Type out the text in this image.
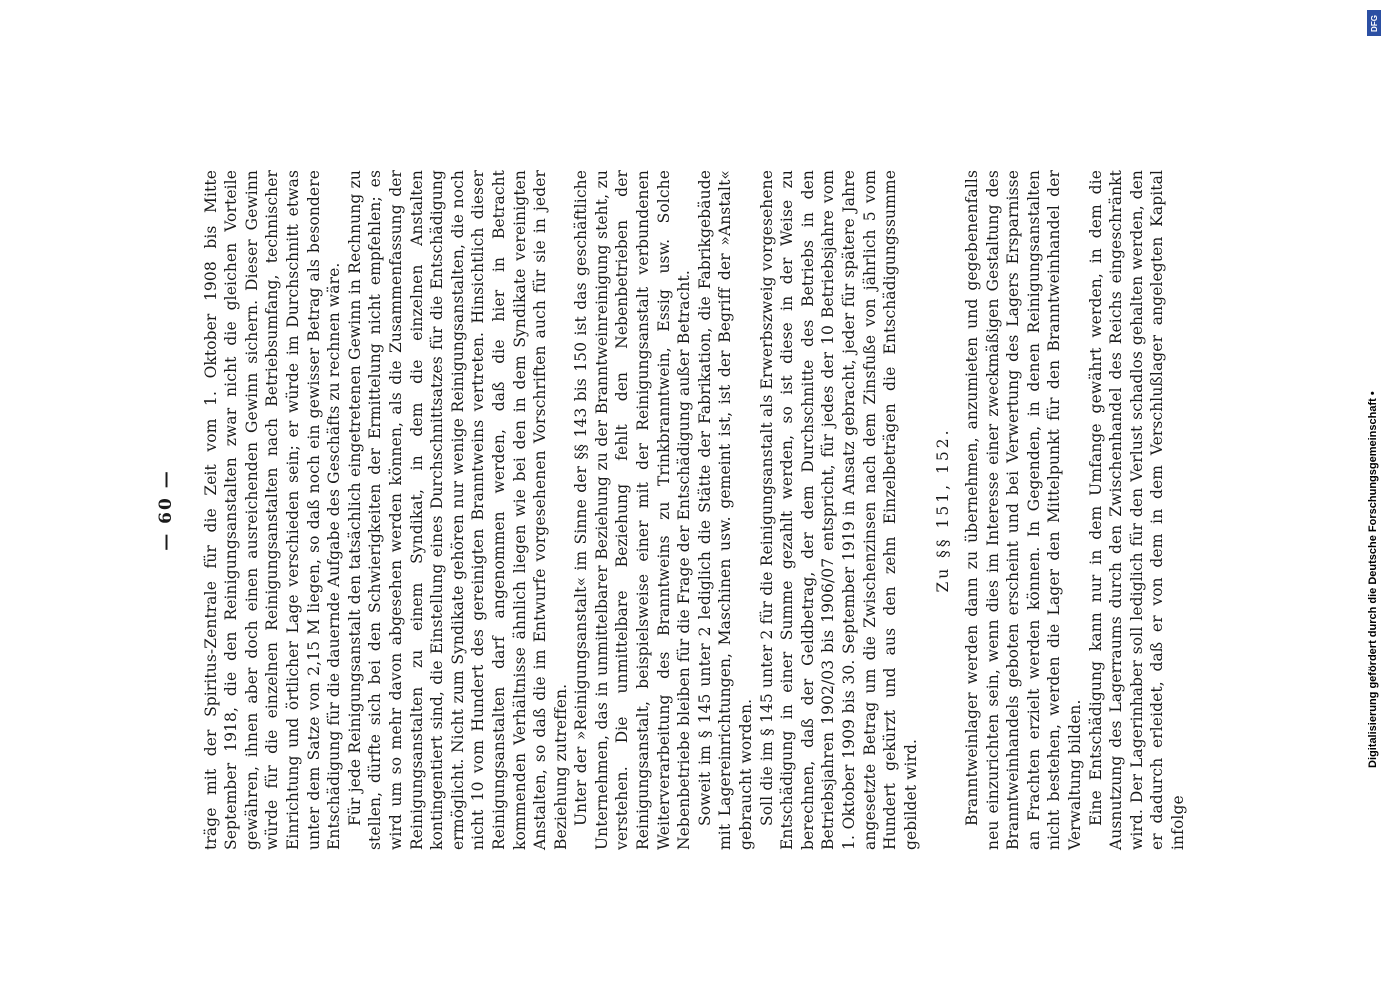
— 60 — träge mit der Spiritus-Zentrale für die Zeit vom 1. Oktober 1908 bis Mitte September 1918, die den Reinigungsanstalten zwar nicht die gleichen Vorteile gewähren, ihnen aber doch einen ausreichenden Gewinn sichern. Dieser Gewinn würde für die einzelnen Reinigungsanstalten nach Betriebsumfang, technischer Einrichtung und örtlicher Lage verschieden sein; er würde im Durchschnitt etwas unter dem Satze von 2,15 M liegen, so daß noch ein gewisser Betrag als besondere Entschädigung für die dauernde Aufgabe des Geschäfts zu rechnen wäre. Für jede Reinigungsanstalt den tatsächlich eingetretenen Gewinn in Rechnung zu stellen, dürfte sich bei den Schwierigkeiten der Ermittelung nicht empfehlen; es wird um so mehr davon abgesehen werden können, als die Zusammenfassung der Reinigungsanstalten zu einem Syndikat, in dem die einzelnen Anstalten kontingentiert sind, die Einstellung eines Durchschnittsatzes für die Entschädigung ermöglicht. Nicht zum Syndikate gehören nur wenige Reinigungsanstalten, die noch nicht 10 vom Hundert des gereinigten Branntweins vertreten. Hinsichtlich dieser Reinigungsanstalten darf angenommen werden, daß die hier in Betracht kommenden Verhältnisse ähnlich liegen wie bei den in dem Syndikate vereinigten Anstalten, so daß die im Entwurfe vorgesehenen Vorschriften auch für sie in jeder Beziehung zutreffen. Unter der »Reinigungsanstalt« im Sinne der §§ 143 bis 150 ist das geschäftliche Unternehmen, das in unmittelbarer Beziehung zu der Branntweinreinigung steht, zu verstehen. Die unmittelbare Beziehung fehlt den Nebenbetrieben der Reinigungsanstalt, beispielsweise einer mit der Reinigungsanstalt verbundenen Weiterverarbeitung des Branntweins zu Trinkbranntwein, Essig usw. Solche Nebenbetriebe bleiben für die Frage der Entschädigung außer Betracht. Soweit im § 145 unter 2 lediglich die Stätte der Fabrikation, die Fabrikgebäude mit Lagereinrichtungen, Maschinen usw. gemeint ist, ist der Begriff der »Anstalt« gebraucht worden. Soll die im § 145 unter 2 für die Reinigungsanstalt als Erwerbszweig vorgesehene Entschädigung in einer Summe gezahlt werden, so ist diese in der Weise zu berechnen, daß der Geldbetrag, der dem Durchschnitte des Betriebs in den Betriebsjahren 1902/03 bis 1906/07 entspricht, für jedes der 10 Betriebsjahre vom 1. Oktober 1909 bis 30. September 1919 in Ansatz gebracht, jeder für spätere Jahre angesetzte Betrag um die Zwischenzinsen nach dem Zinsfuße von jährlich 5 vom Hundert gekürzt und aus den zehn Einzelbeträgen die Entschädigungssumme gebildet wird.

Zu §§ 151, 152. Branntweinlager werden dann zu übernehmen, anzumieten und gegebenenfalls neu einzurichten sein, wenn dies im Interesse einer zweckmäßigen Gestaltung des Branntweinhandels geboten erscheint und bei Verwertung des Lagers Ersparnisse an Frachten erzielt werden können. In Gegenden, in denen Reinigungsanstalten nicht bestehen, werden die Lager den Mittelpunkt für den Branntweinhandel der Verwaltung bilden. Eine Entschädigung kann nur in dem Umfange gewährt werden, in dem die Ausnutzung des Lagerraums durch den Zwischenhandel des Reichs eingeschränkt wird. Der Lagerinhaber soll lediglich für den Verlust schadlos gehalten werden, den er dadurch erleidet, daß er von dem in dem Verschlußlager angelegten Kapital infolge

DFG
Digitalisierung gefördert durch die Deutsche Forschungsgemeinschaft •
